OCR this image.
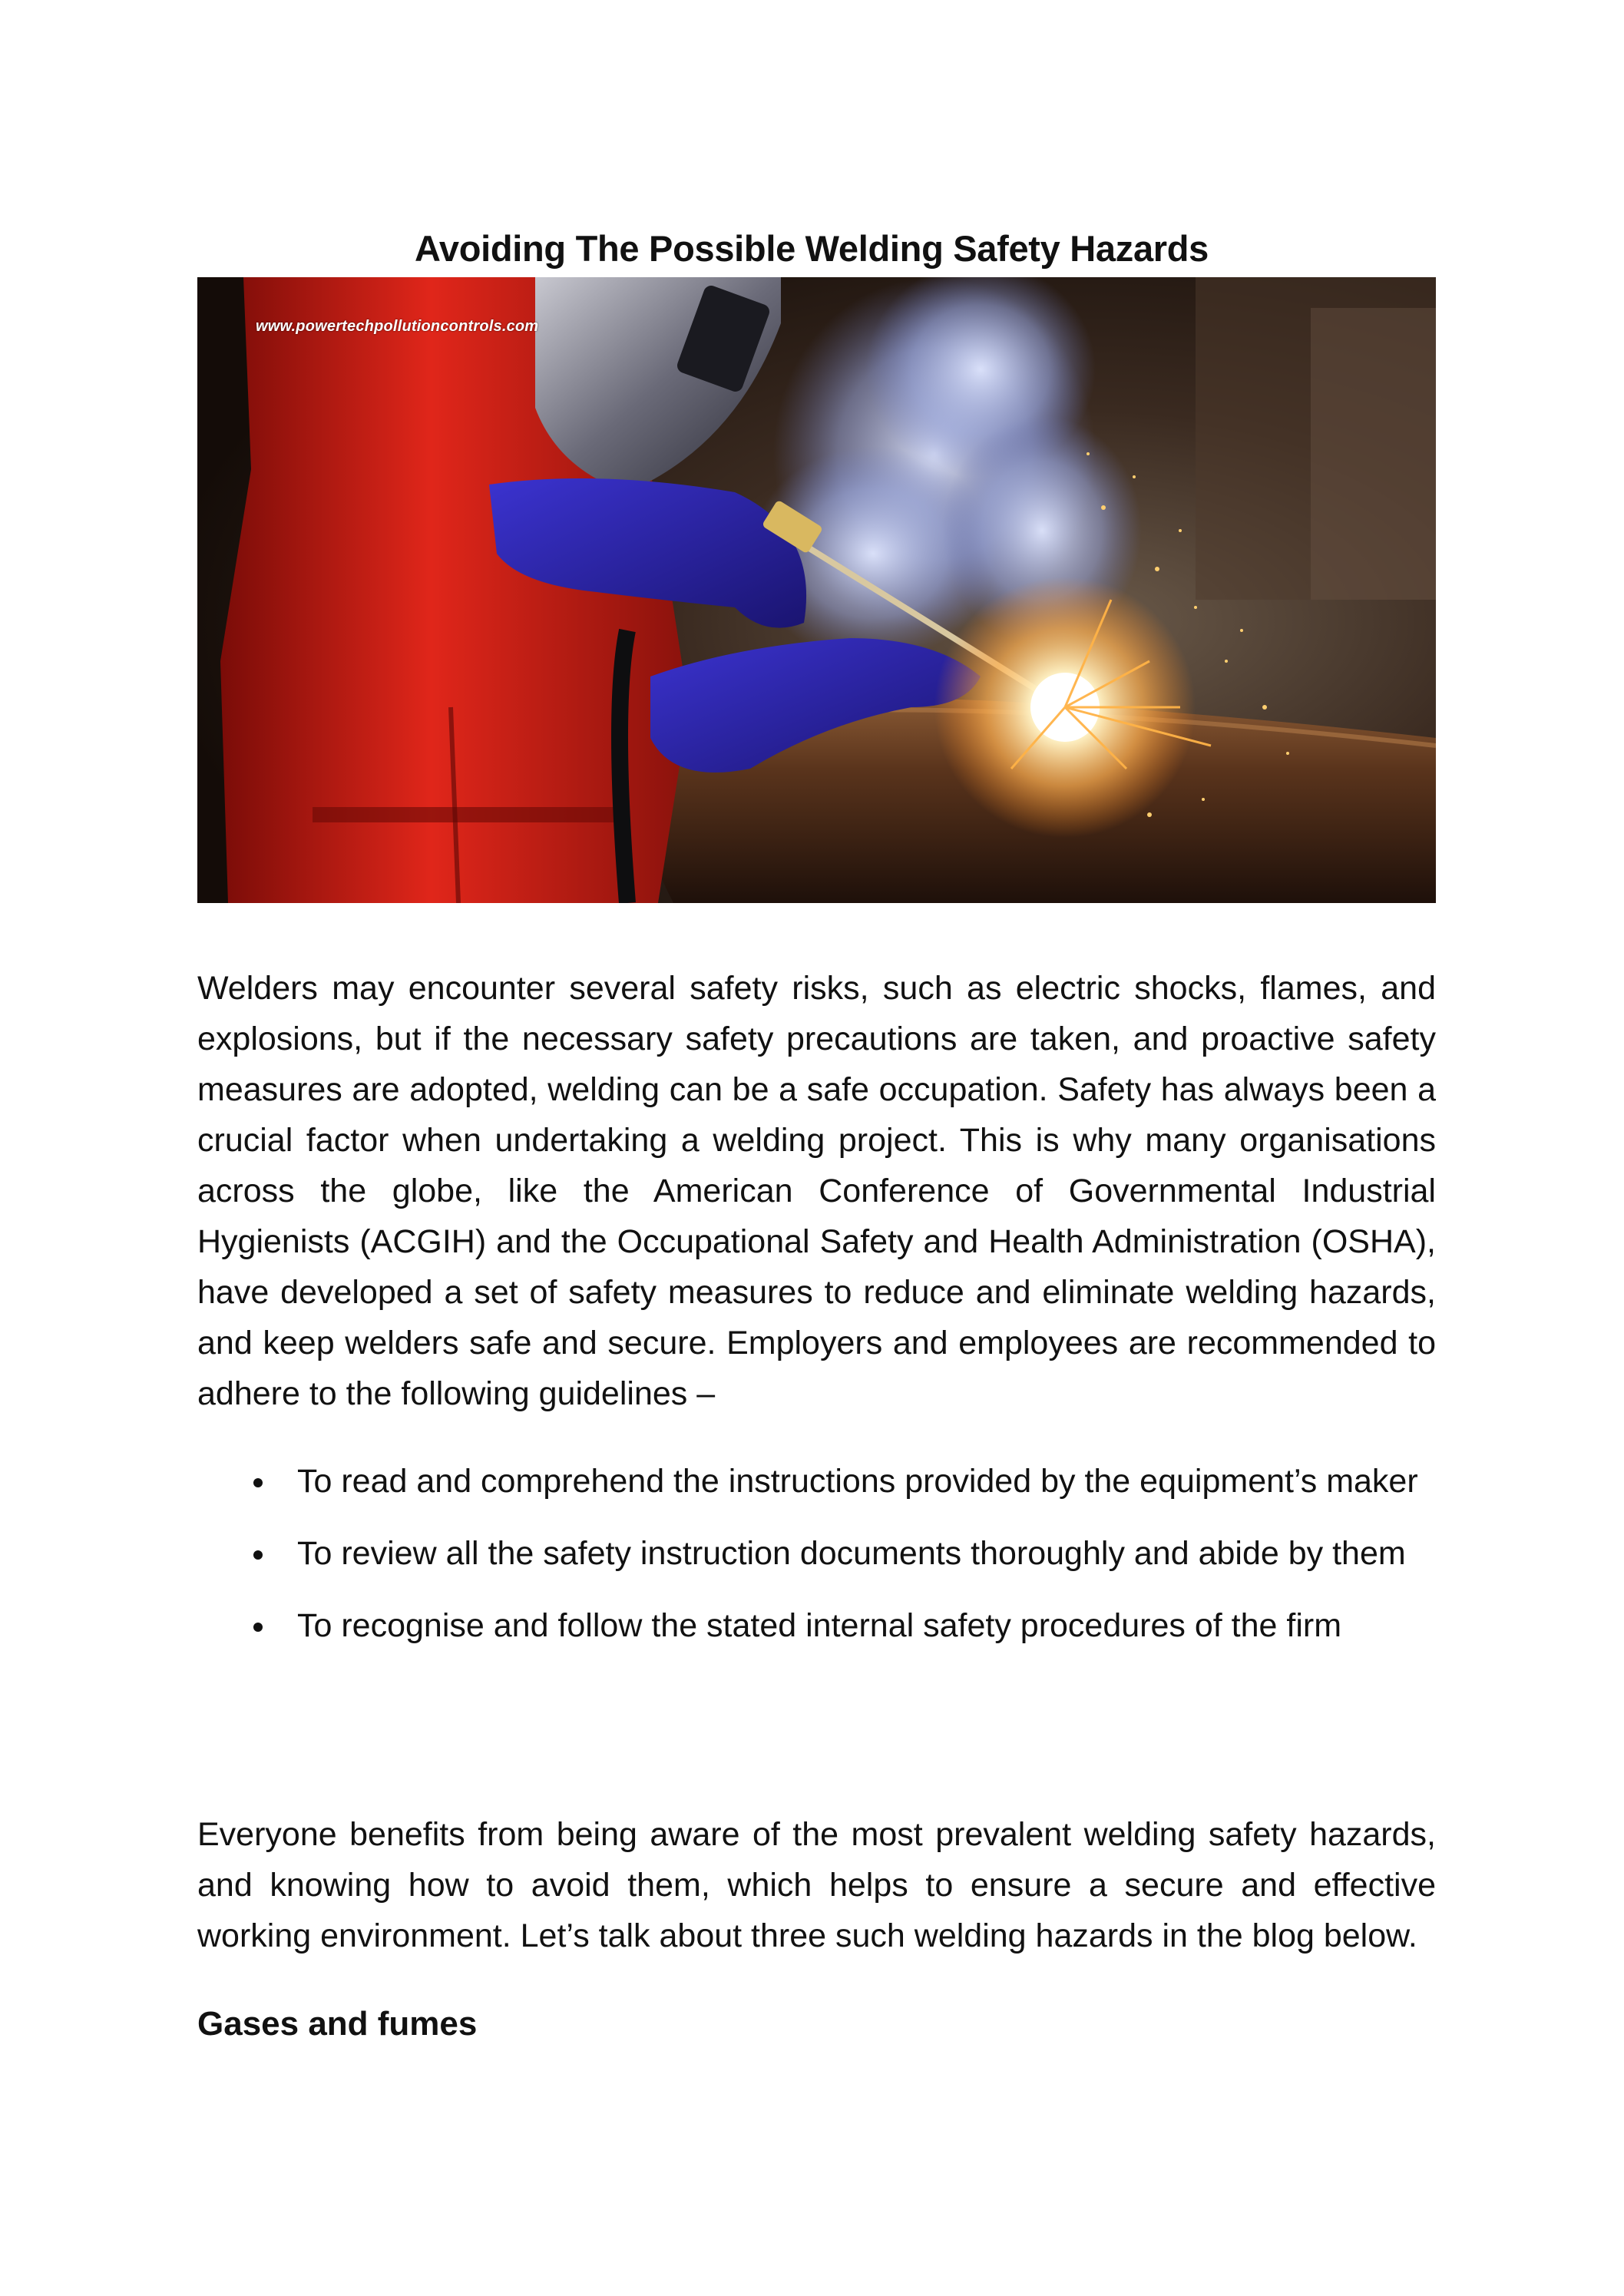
Avoiding The Possible Welding Safety Hazards
www.powertechpollutioncontrols.com

Welders may encounter several safety risks, such as electric shocks, flames, and explosions, but if the necessary safety precautions are taken, and proactive safety measures are adopted, welding can be a safe occupation. Safety has always been a crucial factor when undertaking a welding project. This is why many organisations across the globe, like the American Conference of Governmental Industrial Hygienists (ACGIH) and the Occupational Safety and Health Administration (OSHA), have developed a set of safety measures to reduce and eliminate welding hazards, and keep welders safe and secure. Employers and employees are recommended to adhere to the following guidelines –

To read and comprehend the instructions provided by the equipment’s maker
To review all the safety instruction documents thoroughly and abide by them
To recognise and follow the stated internal safety procedures of the firm

Everyone benefits from being aware of the most prevalent welding safety hazards, and knowing how to avoid them, which helps to ensure a secure and effective working environment. Let’s talk about three such welding hazards in the blog below.

Gases and fumes
